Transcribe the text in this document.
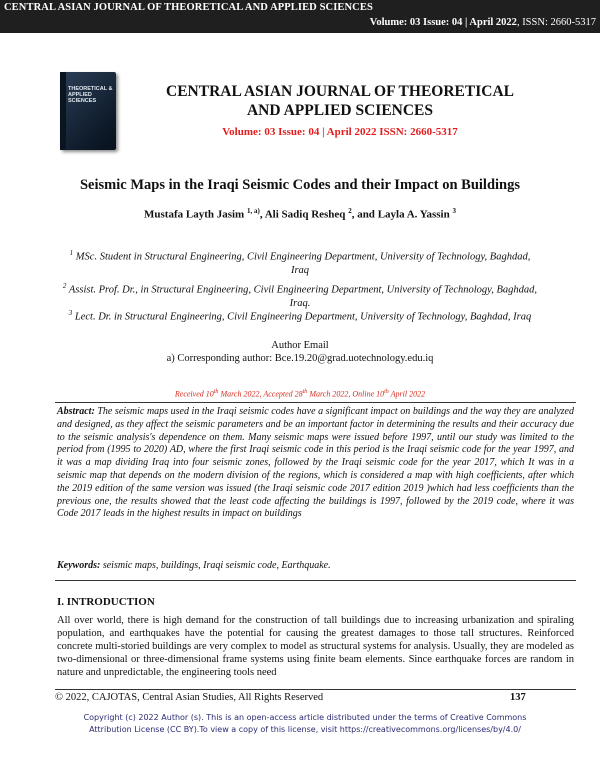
CENTRAL ASIAN JOURNAL OF THEORETICAL AND APPLIED SCIENCES
Volume: 03 Issue: 04 | April 2022, ISSN: 2660-5317
THEORETICAL & APPLIED SCIENCES
CENTRAL ASIAN JOURNAL OF THEORETICAL
AND APPLIED SCIENCES
Volume: 03 Issue: 04 | April 2022 ISSN: 2660-5317
Seismic Maps in the Iraqi Seismic Codes and their Impact on Buildings
Mustafa Layth Jasim $^{1, a)}$, Ali Sadiq Resheq $^2$, and Layla A. Yassin $^3$
$^1$ MSc. Student in Structural Engineering, Civil Engineering Department, University of Technology, Baghdad, Iraq
$^2$ Assist. Prof. Dr., in Structural Engineering, Civil Engineering Department, University of Technology, Baghdad, Iraq.
$^3$ Lect. Dr. in Structural Engineering, Civil Engineering Department, University of Technology, Baghdad, Iraq
Author Email
a) Corresponding author: Bce.19.20@grad.uotechnology.edu.iq
Received 10th March 2022, Accepted 28th March 2022, Online 10th April 2022
Abstract: The seismic maps used in the Iraqi seismic codes have a significant impact on buildings and the way they are analyzed and designed, as they affect the seismic parameters and be an important factor in determining the results and their accuracy due to the seismic analysis's dependence on them. Many seismic maps were issued before 1997, until our study was limited to the period from (1995 to 2020) AD, where the first Iraqi seismic code in this period is the Iraqi seismic code for the year 1997, and it was a map dividing Iraq into four seismic zones, followed by the Iraqi seismic code for the year 2017, which It was in a seismic map that depends on the modern division of the regions, which is considered a map with high coefficients, after which the 2019 edition of the same version was issued (the Iraqi seismic code 2017 edition 2019 )which had less coefficients than the previous one, the results showed that the least code affecting the buildings is 1997, followed by the 2019 code, where it was Code 2017 leads in the highest results in impact on buildings
Keywords: seismic maps, buildings, Iraqi seismic code, Earthquake.
I. INTRODUCTION
All over world, there is high demand for the construction of tall buildings due to increasing urbanization and spiraling population, and earthquakes have the potential for causing the greatest damages to those tall structures. Reinforced concrete multi-storied buildings are very complex to model as structural systems for analysis. Usually, they are modeled as two-dimensional or three-dimensional frame systems using finite beam elements. Since earthquake forces are random in nature and unpredictable, the engineering tools need
© 2022, CAJOTAS, Central Asian Studies, All Rights Reserved	137
Copyright (c) 2022 Author (s). This is an open-access article distributed under the terms of Creative Commons Attribution License (CC BY).To view a copy of this license, visit https://creativecommons.org/licenses/by/4.0/
